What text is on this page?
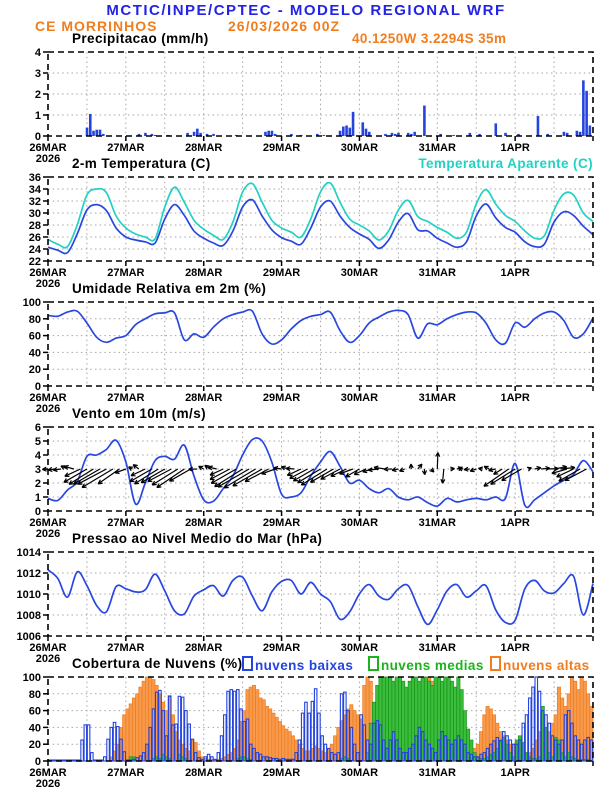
MCTIC/INPE/CPTEC - MODELO REGIONAL WRF
CE MORRINHOS	26/03/2026 00Z
Precipitacao (mm/h)	40.1250W 3.2294S 35m
0
1
2
3
4
26MAR	27MAR	28MAR	29MAR	30MAR	31MAR	1APR
2026 2-m Temperatura (C)	Temperatura Aparente (C)
22
24
26
28
30
32
34
36
26MAR	27MAR	28MAR	29MAR	30MAR	31MAR	1APR
2026 Umidade Relativa em 2m (%)
0
20
40
60
80
100
26MAR	27MAR	28MAR	29MAR	30MAR	31MAR	1APR
2026 Vento em 10m (m/s)
0
1
2
3
4
5
6
26MAR	27MAR	28MAR	29MAR	30MAR	31MAR	1APR
2026 Pressao ao Nivel Medio do Mar (hPa)
1006
1008
1010
1012
1014
26MAR	27MAR	28MAR	29MAR	30MAR	31MAR	1APR
2026 Cobertura de Nuvens (%) nuvens baixas	nuvens medias	nuvens altas
0
20
40
60
80
100
26MAR	27MAR	28MAR	29MAR	30MAR	31MAR	1APR
2026
